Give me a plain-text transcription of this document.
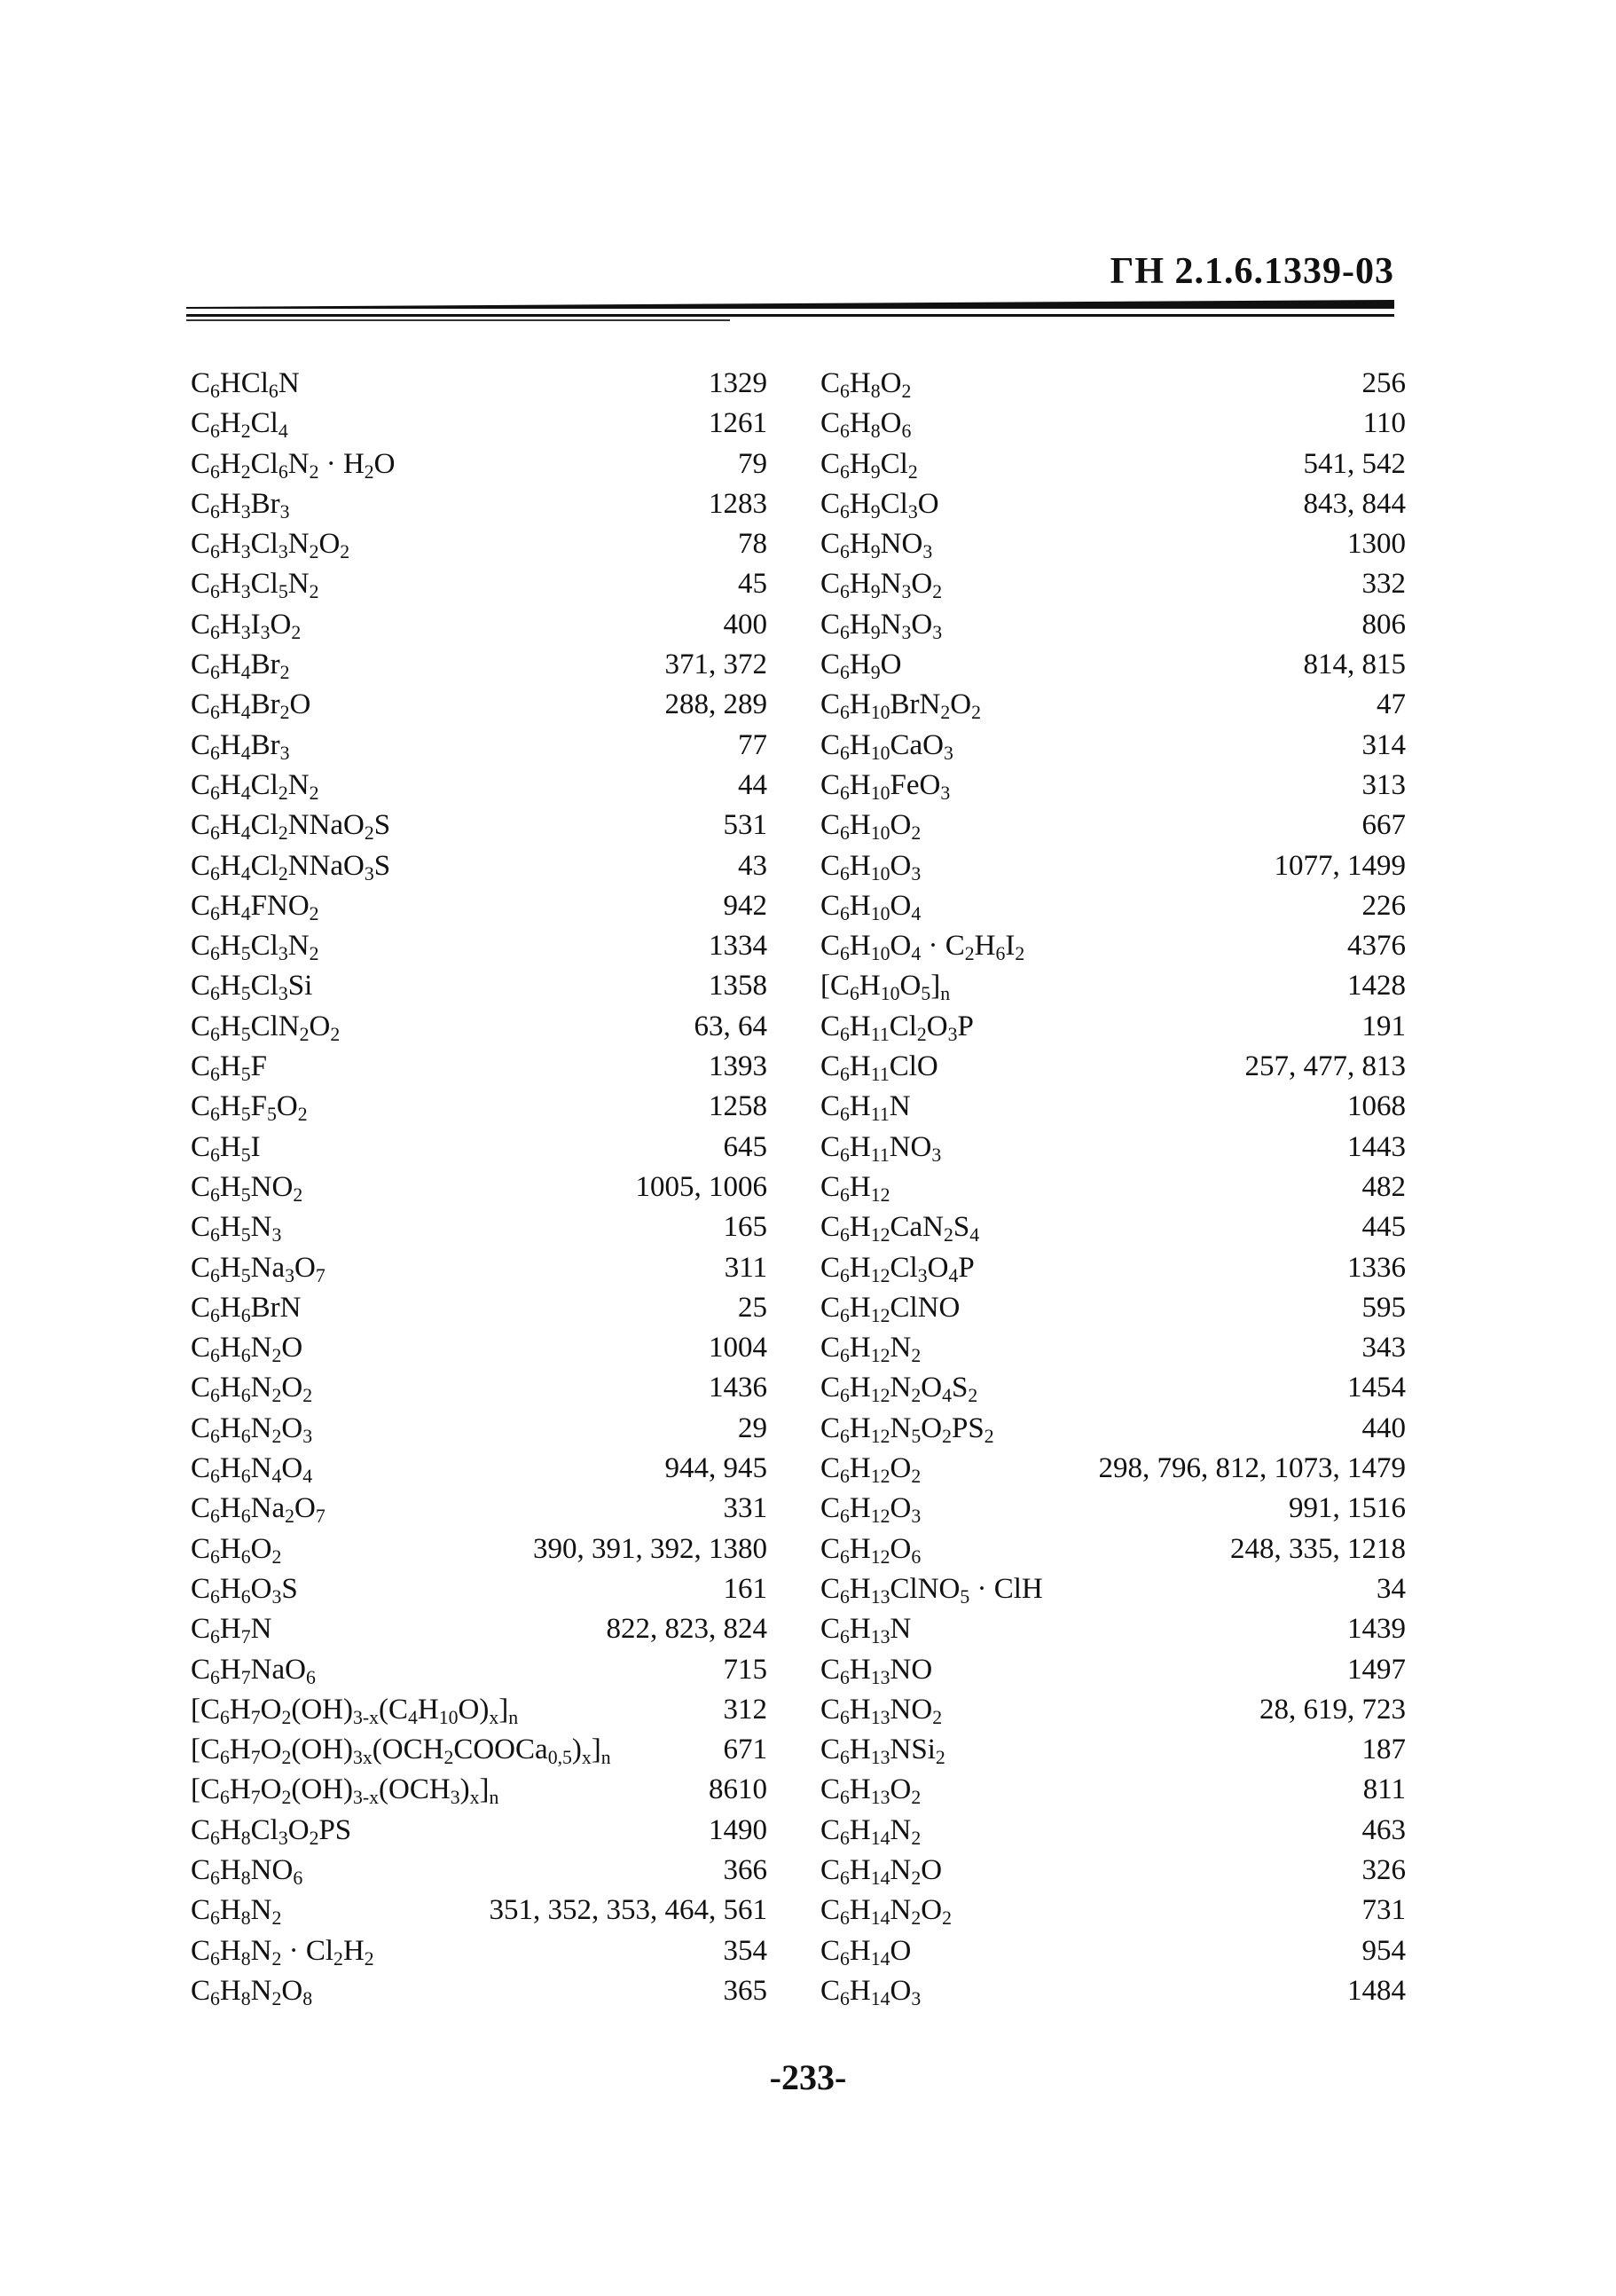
ГН 2.1.6.1339-03
$C_6HCl_6N$	1329
$C_6H_2Cl_4$	1261
$C_6H_2Cl_6N_2 \cdot H_2O$	79
$C_6H_3Br_3$	1283
$C_6H_3Cl_3N_2O_2$	78
$C_6H_3Cl_5N_2$	45
$C_6H_3I_3O_2$	400
$C_6H_4Br_2$	371, 372
$C_6H_4Br_2O$	288, 289
$C_6H_4Br_3$	77
$C_6H_4Cl_2N_2$	44
$C_6H_4Cl_2NNaO_2S$	531
$C_6H_4Cl_2NNaO_3S$	43
$C_6H_4FNO_2$	942
$C_6H_5Cl_3N_2$	1334
$C_6H_5Cl_3Si$	1358
$C_6H_5ClN_2O_2$	63, 64
$C_6H_5F$	1393
$C_6H_5F_5O_2$	1258
$C_6H_5I$	645
$C_6H_5NO_2$	1005, 1006
$C_6H_5N_3$	165
$C_6H_5Na_3O_7$	311
$C_6H_6BrN$	25
$C_6H_6N_2O$	1004
$C_6H_6N_2O_2$	1436
$C_6H_6N_2O_3$	29
$C_6H_6N_4O_4$	944, 945
$C_6H_6Na_2O_7$	331
$C_6H_6O_2$	390, 391, 392, 1380
$C_6H_6O_3S$	161
$C_6H_7N$	822, 823, 824
$C_6H_7NaO_6$	715
$[C_6H_7O_2(OH)_{3-x}(C_4H_{10}O)_x]_n$	312
$[C_6H_7O_2(OH)_{3x}(OCH_2COOCa_{0,5})_x]_n$	671
$[C_6H_7O_2(OH)_{3-x}(OCH_3)_x]_n$	8610
$C_6H_8Cl_3O_2PS$	1490
$C_6H_8NO_6$	366
$C_6H_8N_2$	351, 352, 353, 464, 561
$C_6H_8N_2 \cdot Cl_2H_2$	354
$C_6H_8N_2O_8$	365
$C_6H_8O_2$	256
$C_6H_8O_6$	110
$C_6H_9Cl_2$	541, 542
$C_6H_9Cl_3O$	843, 844
$C_6H_9NO_3$	1300
$C_6H_9N_3O_2$	332
$C_6H_9N_3O_3$	806
$C_6H_9O$	814, 815
$C_6H_{10}BrN_2O_2$	47
$C_6H_{10}CaO_3$	314
$C_6H_{10}FeO_3$	313
$C_6H_{10}O_2$	667
$C_6H_{10}O_3$	1077, 1499
$C_6H_{10}O_4$	226
$C_6H_{10}O_4 \cdot C_2H_6I_2$	4376
$[C_6H_{10}O_5]_n$	1428
$C_6H_{11}Cl_2O_3P$	191
$C_6H_{11}ClO$	257, 477, 813
$C_6H_{11}N$	1068
$C_6H_{11}NO_3$	1443
$C_6H_{12}$	482
$C_6H_{12}CaN_2S_4$	445
$C_6H_{12}Cl_3O_4P$	1336
$C_6H_{12}ClNO$	595
$C_6H_{12}N_2$	343
$C_6H_{12}N_2O_4S_2$	1454
$C_6H_{12}N_5O_2PS_2$	440
$C_6H_{12}O_2$	298, 796, 812, 1073, 1479
$C_6H_{12}O_3$	991, 1516
$C_6H_{12}O_6$	248, 335, 1218
$C_6H_{13}ClNO_5$ · ClH	34
$C_6H_{13}N$	1439
$C_6H_{13}NO$	1497
$C_6H_{13}NO_2$	28, 619, 723
$C_6H_{13}NSi_2$	187
$C_6H_{13}O_2$	811
$C_6H_{14}N_2$	463
$C_6H_{14}N_2O$	326
$C_6H_{14}N_2O_2$	731
$C_6H_{14}O$	954
$C_6H_{14}O_3$	1484
-233-
